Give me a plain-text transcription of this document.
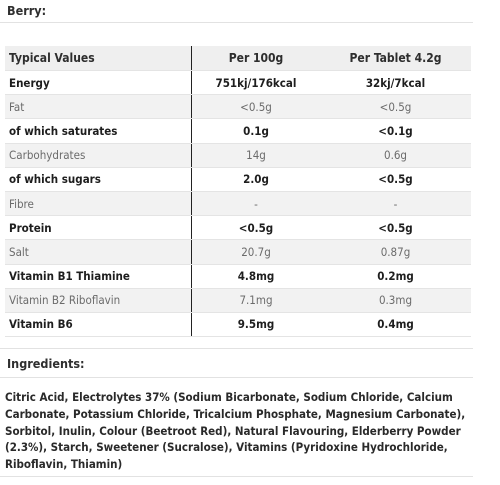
Berry:
Typical Values	Per 100g	Per Tablet 4.2g
Energy	751kj/176kcal	32kj/7kcal
Fat	<0.5g	<0.5g
of which saturates	0.1g	<0.1g
Carbohydrates	14g	0.6g
of which sugars	2.0g	<0.5g
Fibre	-	-
Protein	<0.5g	<0.5g
Salt	20.7g	0.87g
Vitamin B1 Thiamine	4.8mg	0.2mg
Vitamin B2 Riboflavin	7.1mg	0.3mg
Vitamin B6	9.5mg	0.4mg
Ingredients:
Citric Acid, Electrolytes 37% (Sodium Bicarbonate, Sodium Chloride, Calcium Carbonate, Potassium Chloride, Tricalcium Phosphate, Magnesium Carbonate), Sorbitol, Inulin, Colour (Beetroot Red), Natural Flavouring, Elderberry Powder (2.3%), Starch, Sweetener (Sucralose), Vitamins (Pyridoxine Hydrochloride, Riboflavin, Thiamin)
